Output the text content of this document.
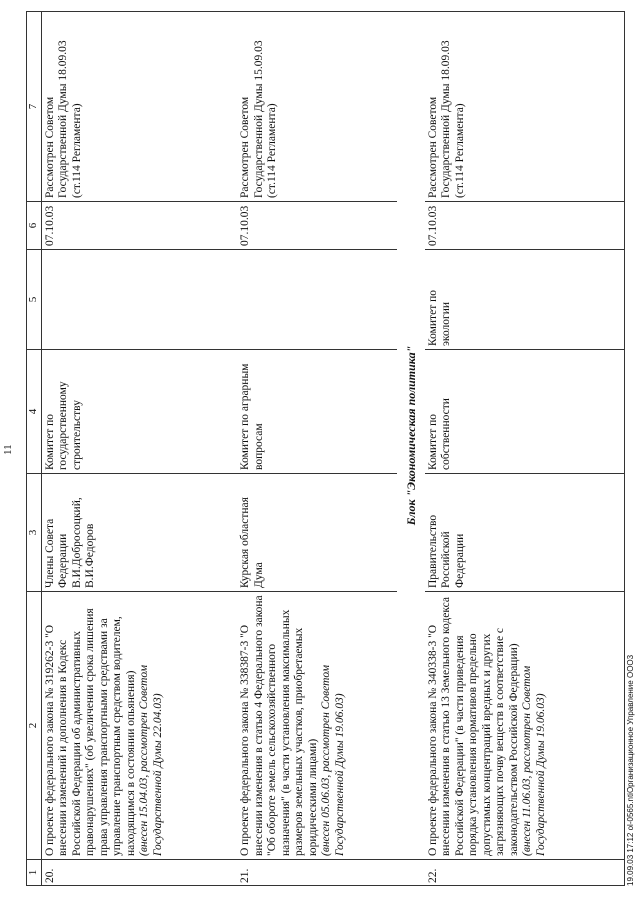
11
1	2	3	4	5	6	7
20.	О проекте федерального закона № 319262-3 "О внесении изменений и дополнения в Кодекс Российской Федерации об административных правонарушениях" (об увеличении срока лишения права управления транспортными средствами за управление транспортным средством водителем, находящимся в состоянии опьянения) (внесен 15.04.03, рассмотрен Советом Государственной Думы 22.04.03)	Члены Совета Федерации В.И.Добросоцкий, В.И.Федоров	Комитет по государственному строительству		07.10.03	Рассмотрен Советом Государственной Думы 18.09.03 (ст.114 Регламента)
21.	О проекте федерального закона № 338387-3 "О внесении изменения в статью 4 Федерального закона "Об обороте земель сельскохозяйственного назначения" (в части установления максимальных размеров земельных участков, приобретаемых юридическими лицами) (внесен 05.06.03, рассмотрен Советом Государственной Думы 19.06.03)	Курская областная Дума	Комитет по аграрным вопросам		07.10.03	Рассмотрен Советом Государственной Думы 15.09.03 (ст.114 Регламента)
	Блок "Экономическая политика"					
22.	О проекте федерального закона № 340338-3 "О внесении изменения в статью 13 Земельного кодекса Российской Федерации" (в части приведения порядка установления нормативов предельно допустимых концентраций вредных и других загрязняющих почву веществ в соответствие с законодательством Российской Федерации) (внесен 11.06.03, рассмотрен Советом Государственной Думы 19.06.03)	Правительство Российской Федерации	Комитет по собственности	Комитет по экологии	07.10.03	Рассмотрен Советом Государственной Думы 18.09.03 (ст.114 Регламента)
19.09.03 17:12 ol-0565.ntiОрганизационное Управление ООО3
